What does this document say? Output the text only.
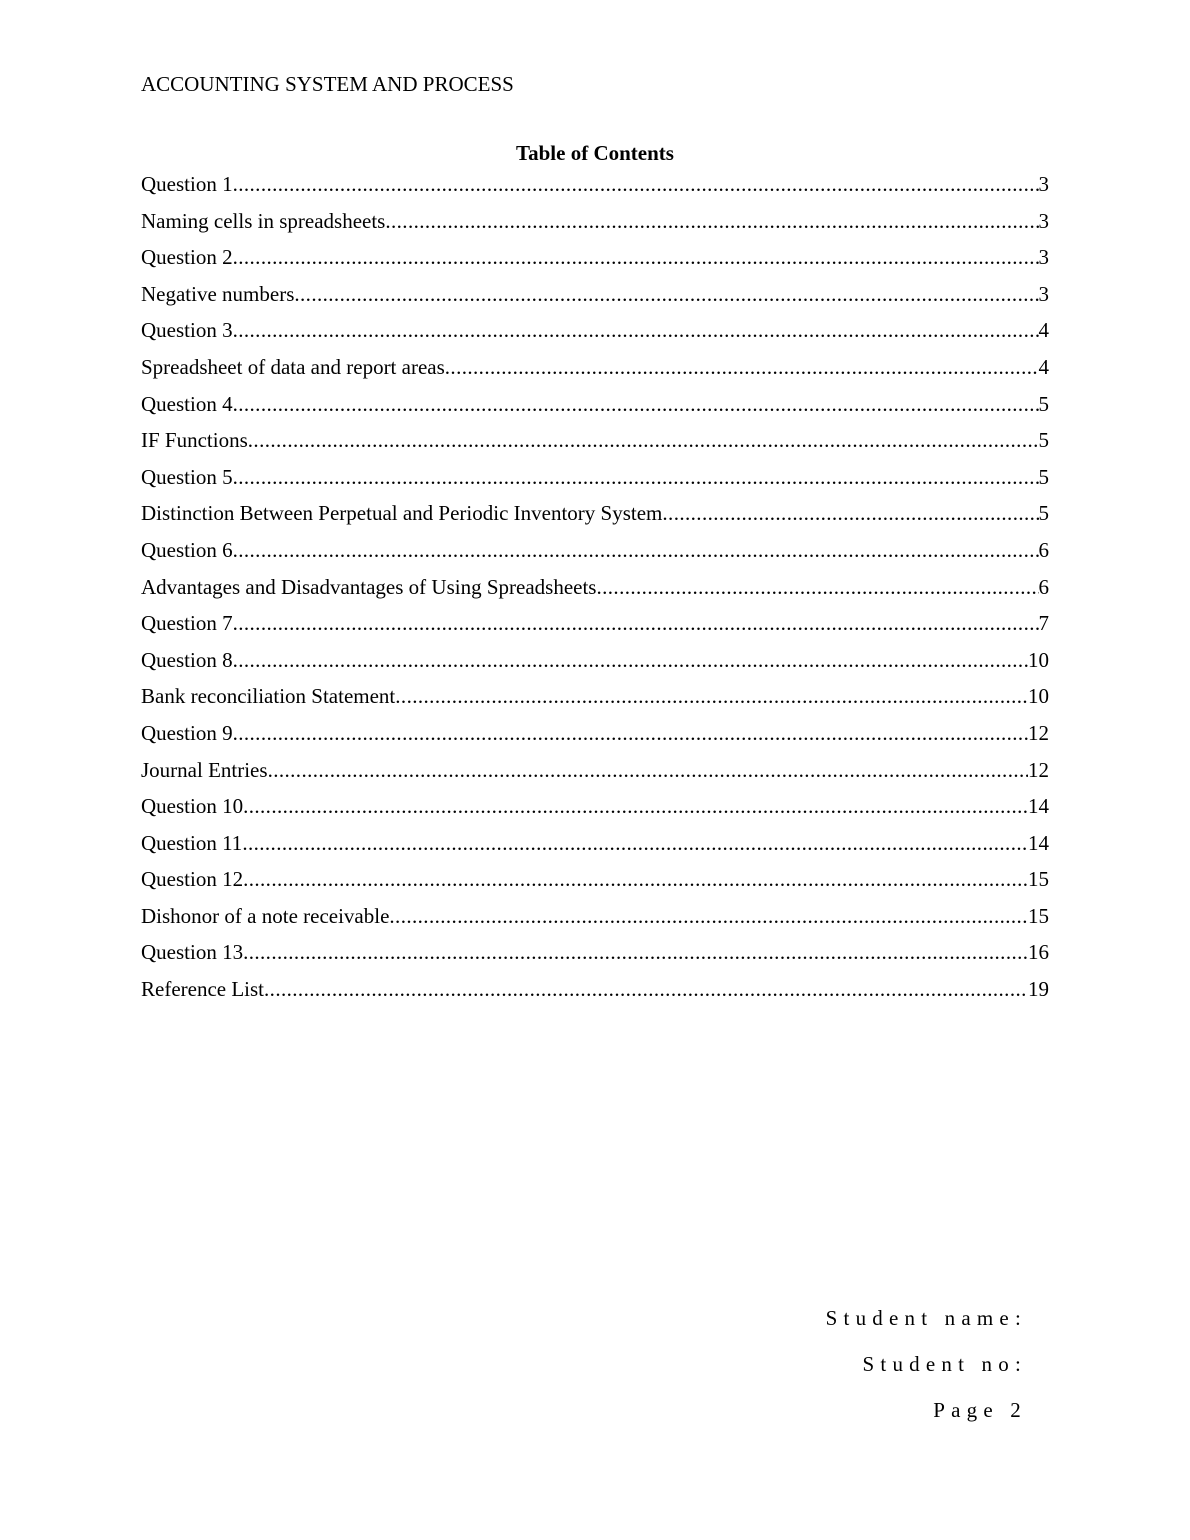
ACCOUNTING SYSTEM AND PROCESS
Table of Contents
Question 1 .....	3
Naming cells in spreadsheets .....	3
Question 2 .....	3
Negative numbers .....	3
Question 3 .....	4
Spreadsheet of data and report areas .....	4
Question 4 .....	5
IF Functions .....	5
Question 5 .....	5
Distinction Between Perpetual and Periodic Inventory System .....	5
Question 6 .....	6
Advantages and Disadvantages of Using Spreadsheets .....	6
Question 7 .....	7
Question 8 .....	10
Bank reconciliation Statement .....	10
Question 9 .....	12
Journal Entries .....	12
Question 10 .....	14
Question 11 .....	14
Question 12 .....	15
Dishonor of a note receivable .....	15
Question 13 .....	16
Reference List .....	19
Student name:
Student no:
Page 2
